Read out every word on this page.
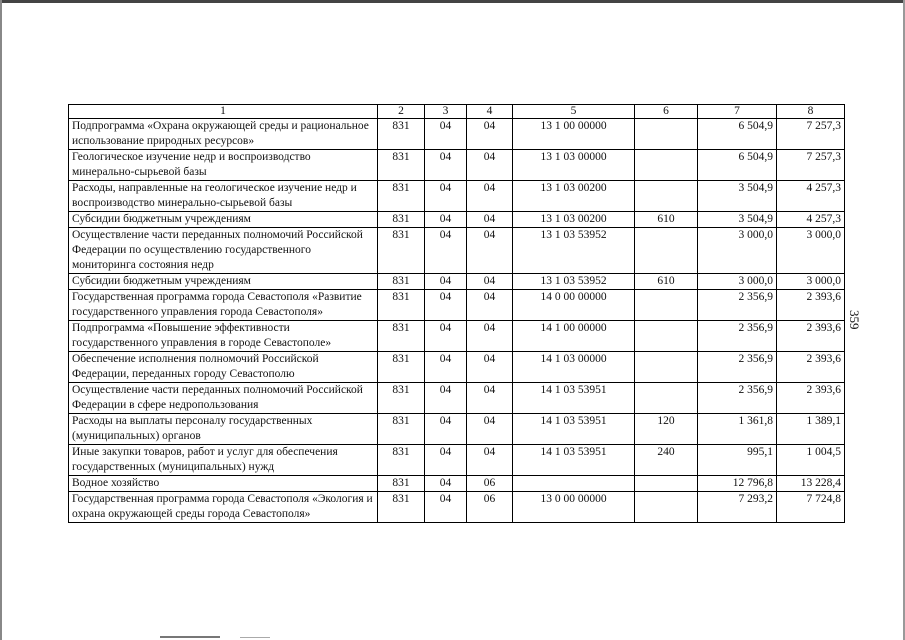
359
1	2	3	4	5	6	7	8
Подпрограмма «Охрана окружающей среды и рациональное использование природных ресурсов»	831	04	04	13 1 00 00000		6 504,9	7 257,3
Геологическое изучение недр и воспроизводство минерально-сырьевой базы	831	04	04	13 1 03 00000		6 504,9	7 257,3
Расходы, направленные на геологическое изучение недр и воспроизводство минерально-сырьевой базы	831	04	04	13 1 03 00200		3 504,9	4 257,3
Субсидии бюджетным учреждениям	831	04	04	13 1 03 00200	610	3 504,9	4 257,3
Осуществление части переданных полномочий Российской Федерации по осуществлению государственного мониторинга состояния недр	831	04	04	13 1 03 53952		3 000,0	3 000,0
Субсидии бюджетным учреждениям	831	04	04	13 1 03 53952	610	3 000,0	3 000,0
Государственная программа города Севастополя «Развитие государственного управления города Севастополя»	831	04	04	14 0 00 00000		2 356,9	2 393,6
Подпрограмма «Повышение эффективности государственного управления в городе Севастополе»	831	04	04	14 1 00 00000		2 356,9	2 393,6
Обеспечение исполнения полномочий Российской Федерации, переданных городу Севастополю	831	04	04	14 1 03 00000		2 356,9	2 393,6
Осуществление части переданных полномочий Российской Федерации в сфере недропользования	831	04	04	14 1 03 53951		2 356,9	2 393,6
Расходы на выплаты персоналу государственных (муниципальных) органов	831	04	04	14 1 03 53951	120	1 361,8	1 389,1
Иные закупки товаров, работ и услуг для обеспечения государственных (муниципальных) нужд	831	04	04	14 1 03 53951	240	995,1	1 004,5
Водное хозяйство	831	04	06			12 796,8	13 228,4
Государственная программа города Севастополя «Экология и охрана окружающей среды города Севастополя»	831	04	06	13 0 00 00000		7 293,2	7 724,8
